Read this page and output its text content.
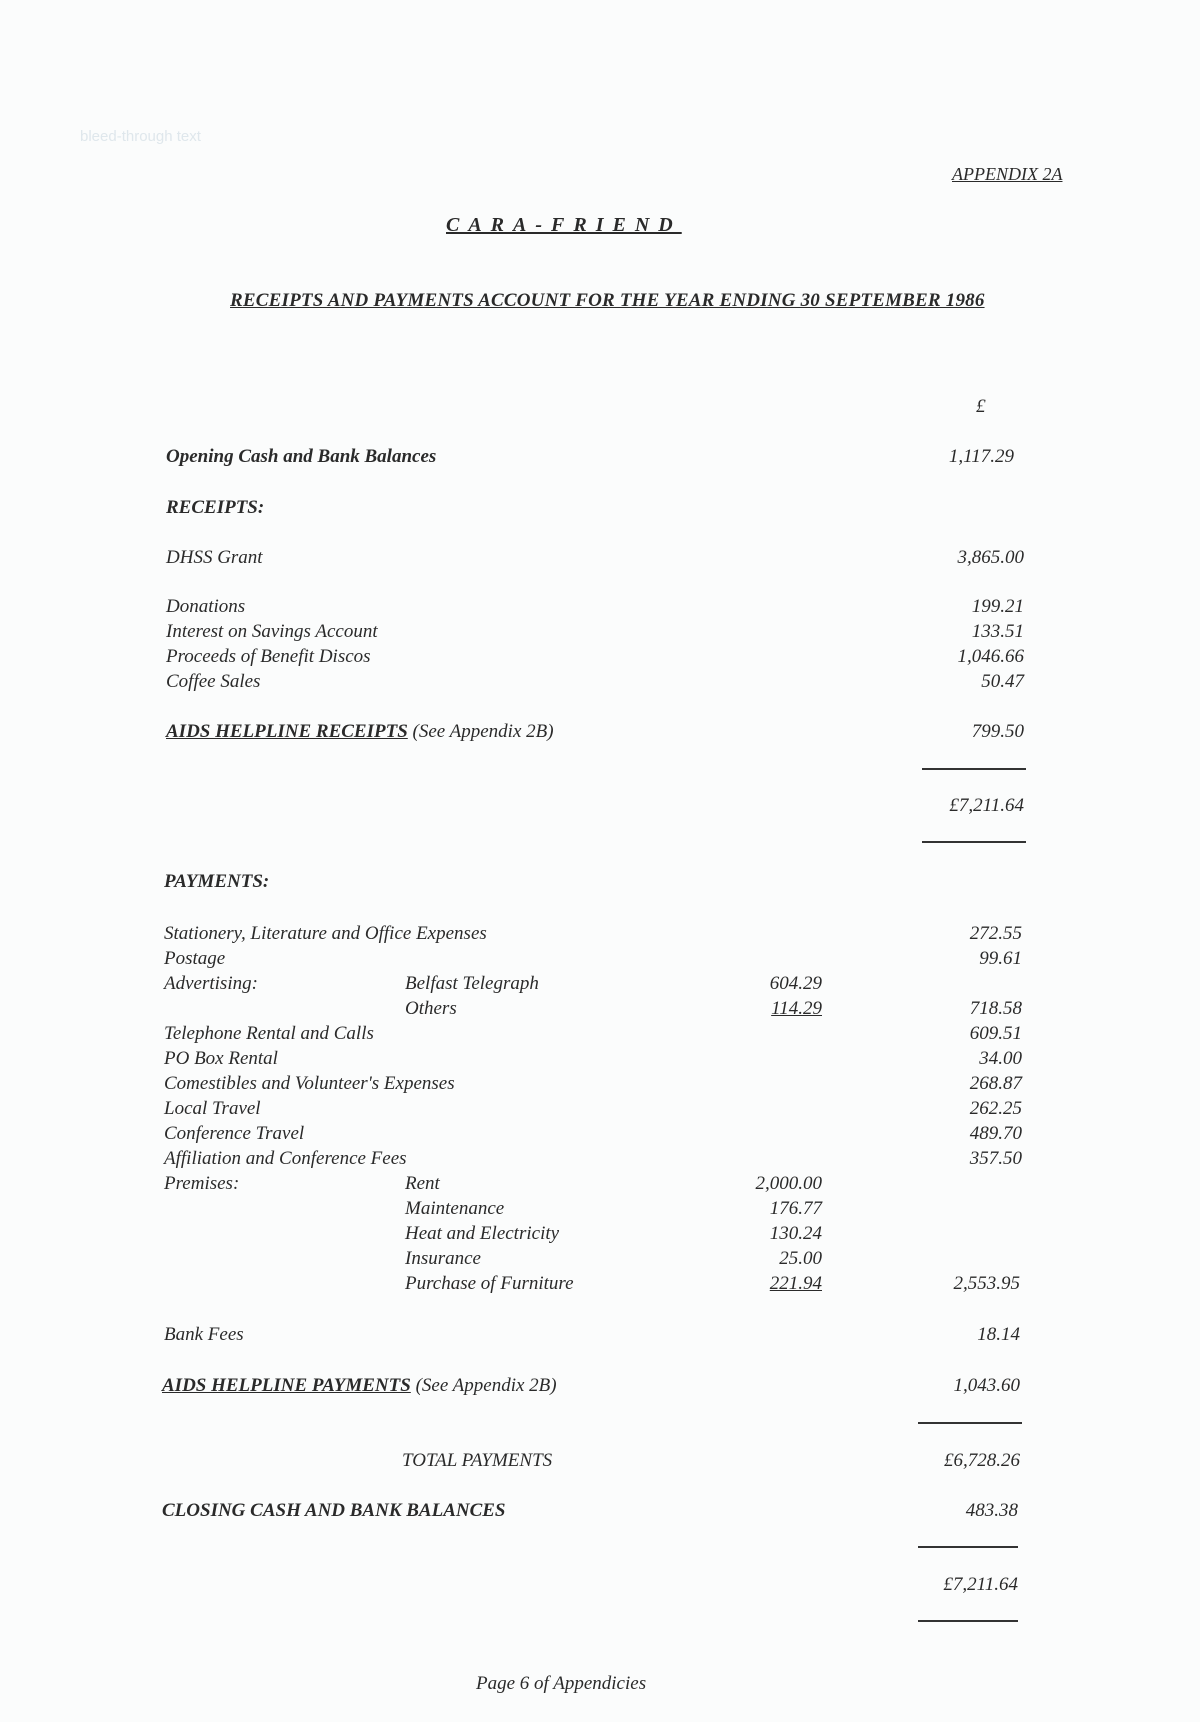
bleed-through text
APPENDIX 2A
CARA-FRIEND
RECEIPTS AND PAYMENTS ACCOUNT FOR THE YEAR ENDING 30 SEPTEMBER 1986
£
Opening Cash and Bank Balances	1,117.29
RECEIPTS:
DHSS Grant	3,865.00
Donations	199.21
Interest on Savings Account	133.51
Proceeds of Benefit Discos	1,046.66
Coffee Sales	50.47
AIDS HELPLINE RECEIPTS (See Appendix 2B)	799.50
£7,211.64
PAYMENTS:
Stationery, Literature and Office Expenses	272.55
Postage	99.61
Advertising:	Belfast Telegraph	604.29
Others	114.29	718.58
Telephone Rental and Calls	609.51
PO Box Rental	34.00
Comestibles and Volunteer's Expenses	268.87
Local Travel	262.25
Conference Travel	489.70
Affiliation and Conference Fees	357.50
Premises:	Rent	2,000.00
Maintenance	176.77
Heat and Electricity	130.24
Insurance	25.00
Purchase of Furniture	221.94	2,553.95
Bank Fees	18.14
AIDS HELPLINE PAYMENTS (See Appendix 2B)	1,043.60
TOTAL PAYMENTS	£6,728.26
CLOSING CASH AND BANK BALANCES	483.38
£7,211.64
Page 6 of Appendicies
